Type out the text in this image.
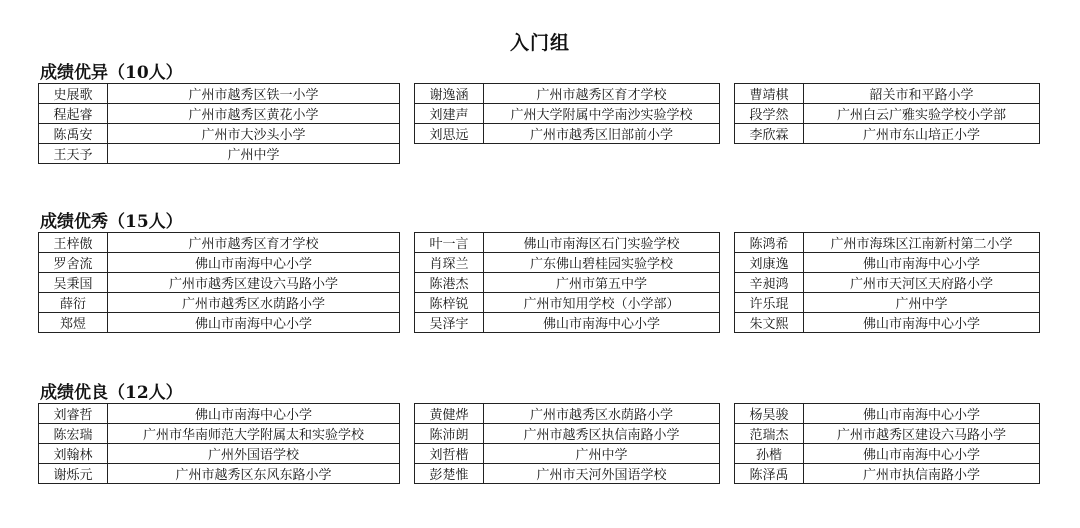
入门组
成绩优异（10人）
史展歌	广州市越秀区铁一小学
程起睿	广州市越秀区黄花小学
陈禹安	广州市大沙头小学
王天予	广州中学
谢逸涵	广州市越秀区育才学校
刘建声	广州大学附属中学南沙实验学校
刘思远	广州市越秀区旧部前小学
曹靖棋	韶关市和平路小学
段学然	广州白云广雅实验学校小学部
李欣霖	广州市东山培正小学
成绩优秀（15人）
王梓傲	广州市越秀区育才学校
罗舍流	佛山市南海中心小学
吴秉国	广州市越秀区建设六马路小学
薛衍	广州市越秀区水荫路小学
郑煜	佛山市南海中心小学
叶一言	佛山市南海区石门实验学校
肖琛兰	广东佛山碧桂园实验学校
陈港杰	广州市第五中学
陈梓锐	广州市知用学校（小学部）
吴泽宇	佛山市南海中心小学
陈鸿希	广州市海珠区江南新村第二小学
刘康逸	佛山市南海中心小学
辛昶鸿	广州市天河区天府路小学
许乐琨	广州中学
朱文熙	佛山市南海中心小学
成绩优良（12人）
刘睿哲	佛山市南海中心小学
陈宏瑞	广州市华南师范大学附属太和实验学校
刘翰林	广州外国语学校
谢烁元	广州市越秀区东风东路小学
黄健烨	广州市越秀区水荫路小学
陈沛朗	广州市越秀区执信南路小学
刘哲楷	广州中学
彭楚惟	广州市天河外国语学校
杨昊骏	佛山市南海中心小学
范瑞杰	广州市越秀区建设六马路小学
孙楷	佛山市南海中心小学
陈泽禹	广州市执信南路小学
